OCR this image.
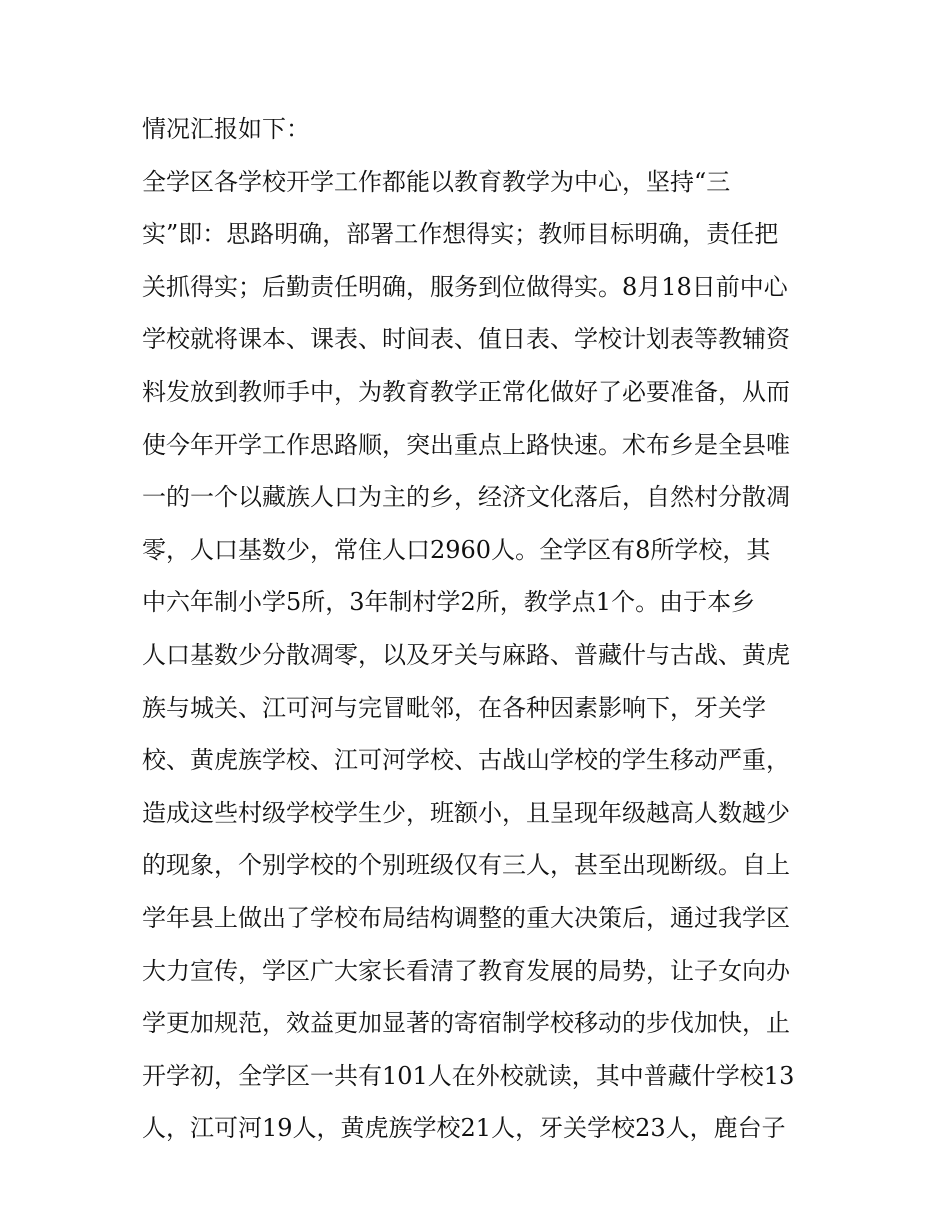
情况汇报如下：
全学区各学校开学工作都能以教育教学为中心，坚持“三
实”即：思路明确，部署工作想得实；教师目标明确，责任把
关抓得实；后勤责任明确，服务到位做得实。8月18日前中心
学校就将课本、课表、时间表、值日表、学校计划表等教辅资
料发放到教师手中，为教育教学正常化做好了必要准备，从而
使今年开学工作思路顺，突出重点上路快速。术布乡是全县唯
一的一个以藏族人口为主的乡，经济文化落后，自然村分散凋
零，人口基数少，常住人口2960人。全学区有8所学校，其
中六年制小学5所，3年制村学2所，教学点1个。由于本乡
人口基数少分散凋零，以及牙关与麻路、普藏什与古战、黄虎
族与城关、江可河与完冒毗邻，在各种因素影响下，牙关学
校、黄虎族学校、江可河学校、古战山学校的学生移动严重，
造成这些村级学校学生少，班额小，且呈现年级越高人数越少
的现象，个别学校的个别班级仅有三人，甚至出现断级。自上
学年县上做出了学校布局结构调整的重大决策后，通过我学区
大力宣传，学区广大家长看清了教育发展的局势，让子女向办
学更加规范，效益更加显著的寄宿制学校移动的步伐加快，止
开学初，全学区一共有101人在外校就读，其中普藏什学校13
人，江可河19人，黄虎族学校21人，牙关学校23人，鹿台子
